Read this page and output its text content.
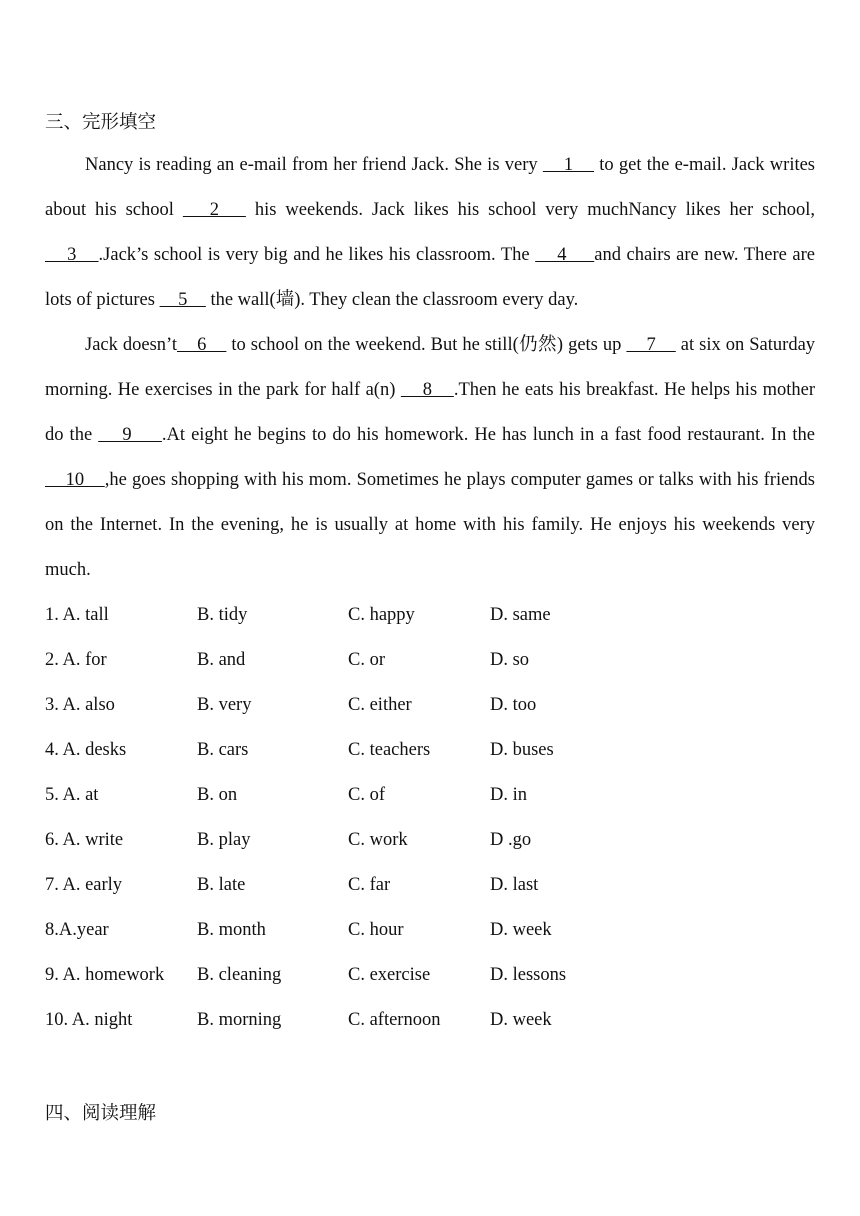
三、完形填空

Nancy is reading an e-mail from her friend Jack. She is very     1     to get the e-mail. Jack writes about his school    2    his weekends. Jack likes his school very muchNancy likes her school,    3    .Jack’s school is very big and he likes his classroom. The     4     and chairs are new. There are lots of pictures     5     the wall(墙). They clean the classroom every day.

Jack doesn’t    6     to school on the weekend. But he still(仍然) gets up     7     at six on Saturday morning. He exercises in the park for half a(n)     8    .Then he eats his breakfast. He helps his mother do the     9     .At eight he begins to do his homework. He has lunch in a fast food restaurant. In the    10    ,he goes shopping with his mom. Sometimes he plays computer games or talks with his friends on the Internet. In the evening, he is usually at home with his family. He enjoys his weekends very much.

1. A. tall	B. tidy	C. happy	D. same
2. A. for	B. and	C. or	D. so
3. A. also	B. very	C. either	D. too
4. A. desks	B. cars	C. teachers	D. buses
5. A. at	B. on	C. of	D. in
6. A. write	B. play	C. work	D .go
7. A. early	B. late	C. far	D. last
8.A.year	B. month	C. hour	D. week
9. A. homework B. cleaning	C. exercise	D. lessons
10. A. night	B. morning	C. afternoon	D. week
四、阅读理解
